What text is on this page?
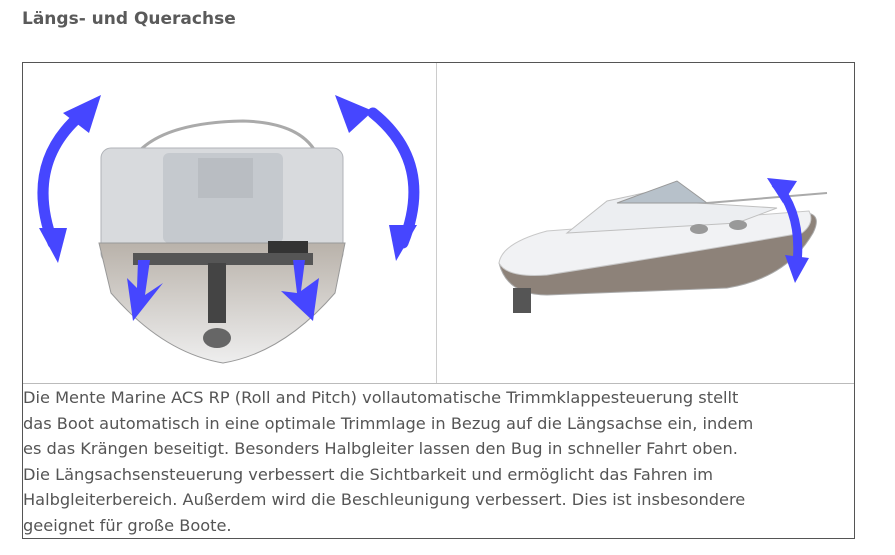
Längs- und Querachse
Die Mente Marine ACS RP (Roll and Pitch) vollautomatische Trimmklappesteuerung stellt
das Boot automatisch in eine optimale Trimmlage in Bezug auf die Längsachse ein, indem
es das Krängen beseitigt. Besonders Halbgleiter lassen den Bug in schneller Fahrt oben.
Die Längsachsensteuerung verbessert die Sichtbarkeit und ermöglicht das Fahren im
Halbgleiterbereich. Außerdem wird die Beschleunigung verbessert. Dies ist insbesondere
geeignet für große Boote.
